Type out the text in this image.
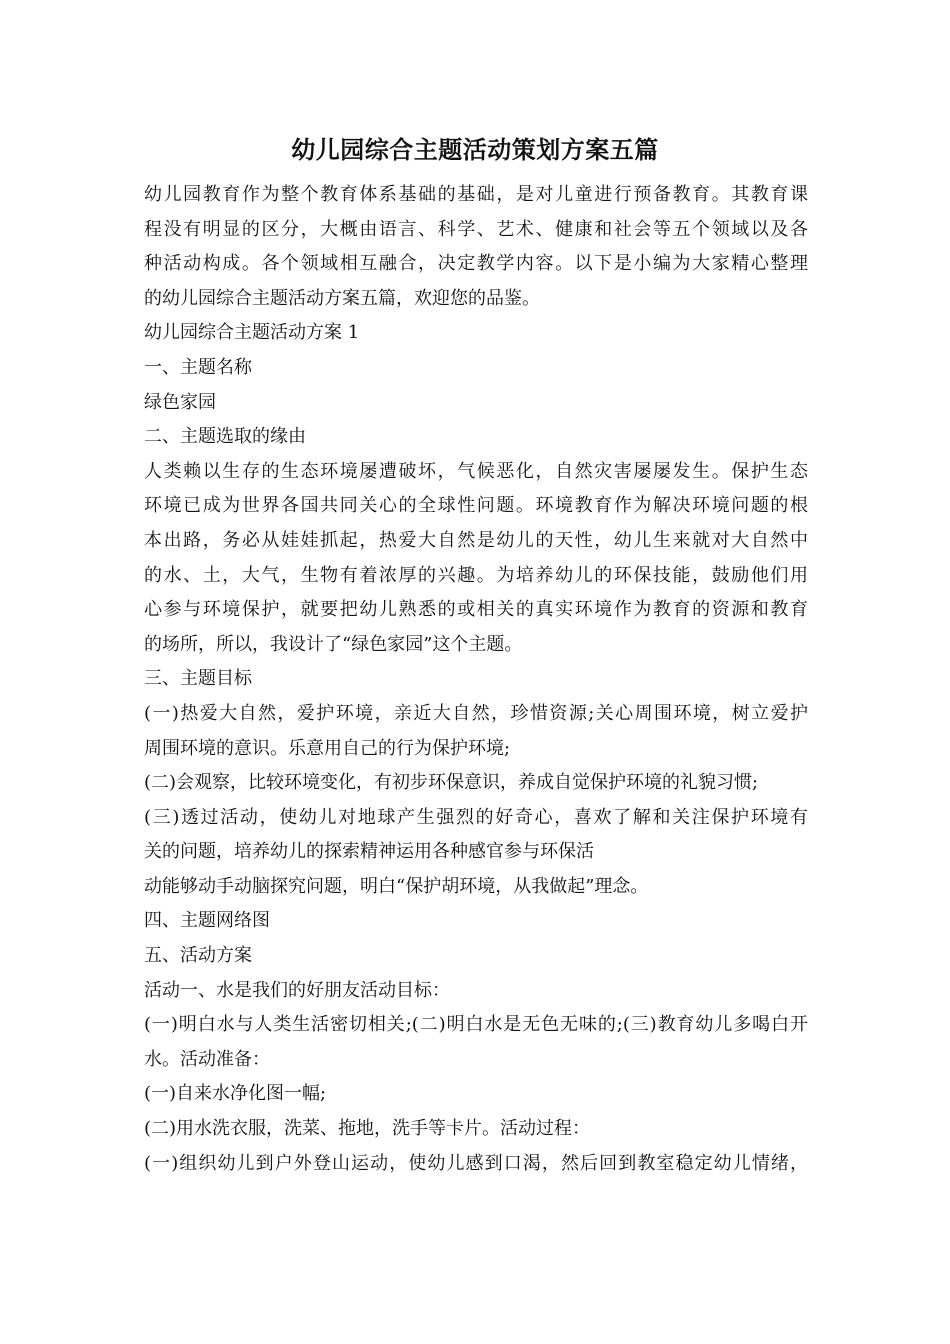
幼儿园综合主题活动策划方案五篇

幼儿园教育作为整个教育体系基础的基础，是对儿童进行预备教育。其教育课

程没有明显的区分，大概由语言、科学、艺术、健康和社会等五个领域以及各

种活动构成。各个领域相互融合，决定教学内容。以下是小编为大家精心整理

的幼儿园综合主题活动方案五篇，欢迎您的品鉴。

幼儿园综合主题活动方案 1

一、主题名称

绿色家园

二、主题选取的缘由

人类赖以生存的生态环境屡遭破坏，气候恶化，自然灾害屡屡发生。保护生态

环境已成为世界各国共同关心的全球性问题。环境教育作为解决环境问题的根

本出路，务必从娃娃抓起，热爱大自然是幼儿的天性，幼儿生来就对大自然中

的水、土，大气，生物有着浓厚的兴趣。为培养幼儿的环保技能，鼓励他们用

心参与环境保护，就要把幼儿熟悉的或相关的真实环境作为教育的资源和教育

的场所，所以，我设计了“绿色家园”这个主题。

三、主题目标

(一)热爱大自然，爱护环境，亲近大自然，珍惜资源;关心周围环境，树立爱护

周围环境的意识。乐意用自己的行为保护环境;

(二)会观察，比较环境变化，有初步环保意识，养成自觉保护环境的礼貌习惯;

(三)透过活动，使幼儿对地球产生强烈的好奇心，喜欢了解和关注保护环境有

关的问题，培养幼儿的探索精神运用各种感官参与环保活

动能够动手动脑探究问题，明白“保护胡环境，从我做起”理念。

四、主题网络图

五、活动方案

活动一、水是我们的好朋友活动目标：

(一)明白水与人类生活密切相关;(二)明白水是无色无味的;(三)教育幼儿多喝白开

水。活动准备：

(一)自来水净化图一幅;

(二)用水洗衣服，洗菜、拖地，洗手等卡片。活动过程：

(一)组织幼儿到户外登山运动，使幼儿感到口渴，然后回到教室稳定幼儿情绪，
